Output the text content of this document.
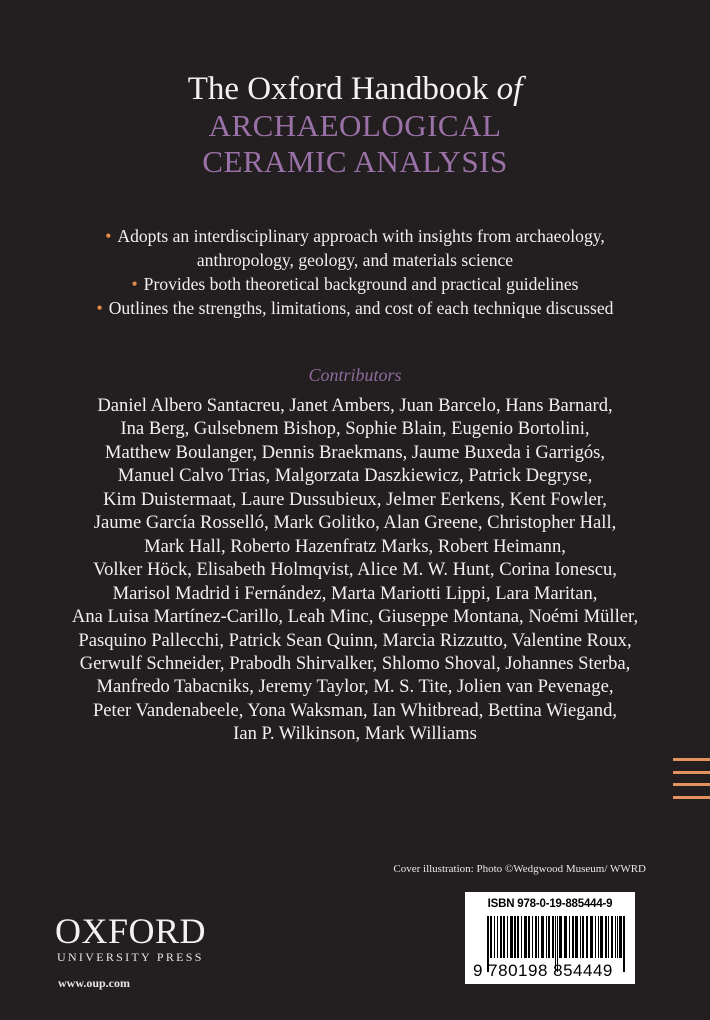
The Oxford Handbook of
ARCHAEOLOGICAL
CERAMIC ANALYSIS

• Adopts an interdisciplinary approach with insights from archaeology,

anthropology, geology, and materials science

• Provides both theoretical background and practical guidelines

• Outlines the strengths, limitations, and cost of each technique discussed

Contributors
Daniel Albero Santacreu, Janet Ambers, Juan Barcelo, Hans Barnard,
Ina Berg, Gulsebnem Bishop, Sophie Blain, Eugenio Bortolini,
Matthew Boulanger, Dennis Braekmans, Jaume Buxeda i Garrigós,
Manuel Calvo Trias, Malgorzata Daszkiewicz, Patrick Degryse,
Kim Duistermaat, Laure Dussubieux, Jelmer Eerkens, Kent Fowler,
Jaume García Rosselló, Mark Golitko, Alan Greene, Christopher Hall,
Mark Hall, Roberto Hazenfratz Marks, Robert Heimann,
Volker Höck, Elisabeth Holmqvist, Alice M. W. Hunt, Corina Ionescu,
Marisol Madrid i Fernández, Marta Mariotti Lippi, Lara Maritan,
Ana Luisa Martínez-Carillo, Leah Minc, Giuseppe Montana, Noémi Müller,
Pasquino Pallecchi, Patrick Sean Quinn, Marcia Rizzutto, Valentine Roux,
Gerwulf Schneider, Prabodh Shirvalker, Shlomo Shoval, Johannes Sterba,
Manfredo Tabacniks, Jeremy Taylor, M. S. Tite, Jolien van Pevenage,
Peter Vandenabeele, Yona Waksman, Ian Whitbread, Bettina Wiegand,
Ian P. Wilkinson, Mark Williams
Cover illustration: Photo ©Wedgwood Museum/ WWRD
ISBN 978-0-19-885444-9
9 780198 854449
OXFORD
UNIVERSITY PRESS
www.oup.com
